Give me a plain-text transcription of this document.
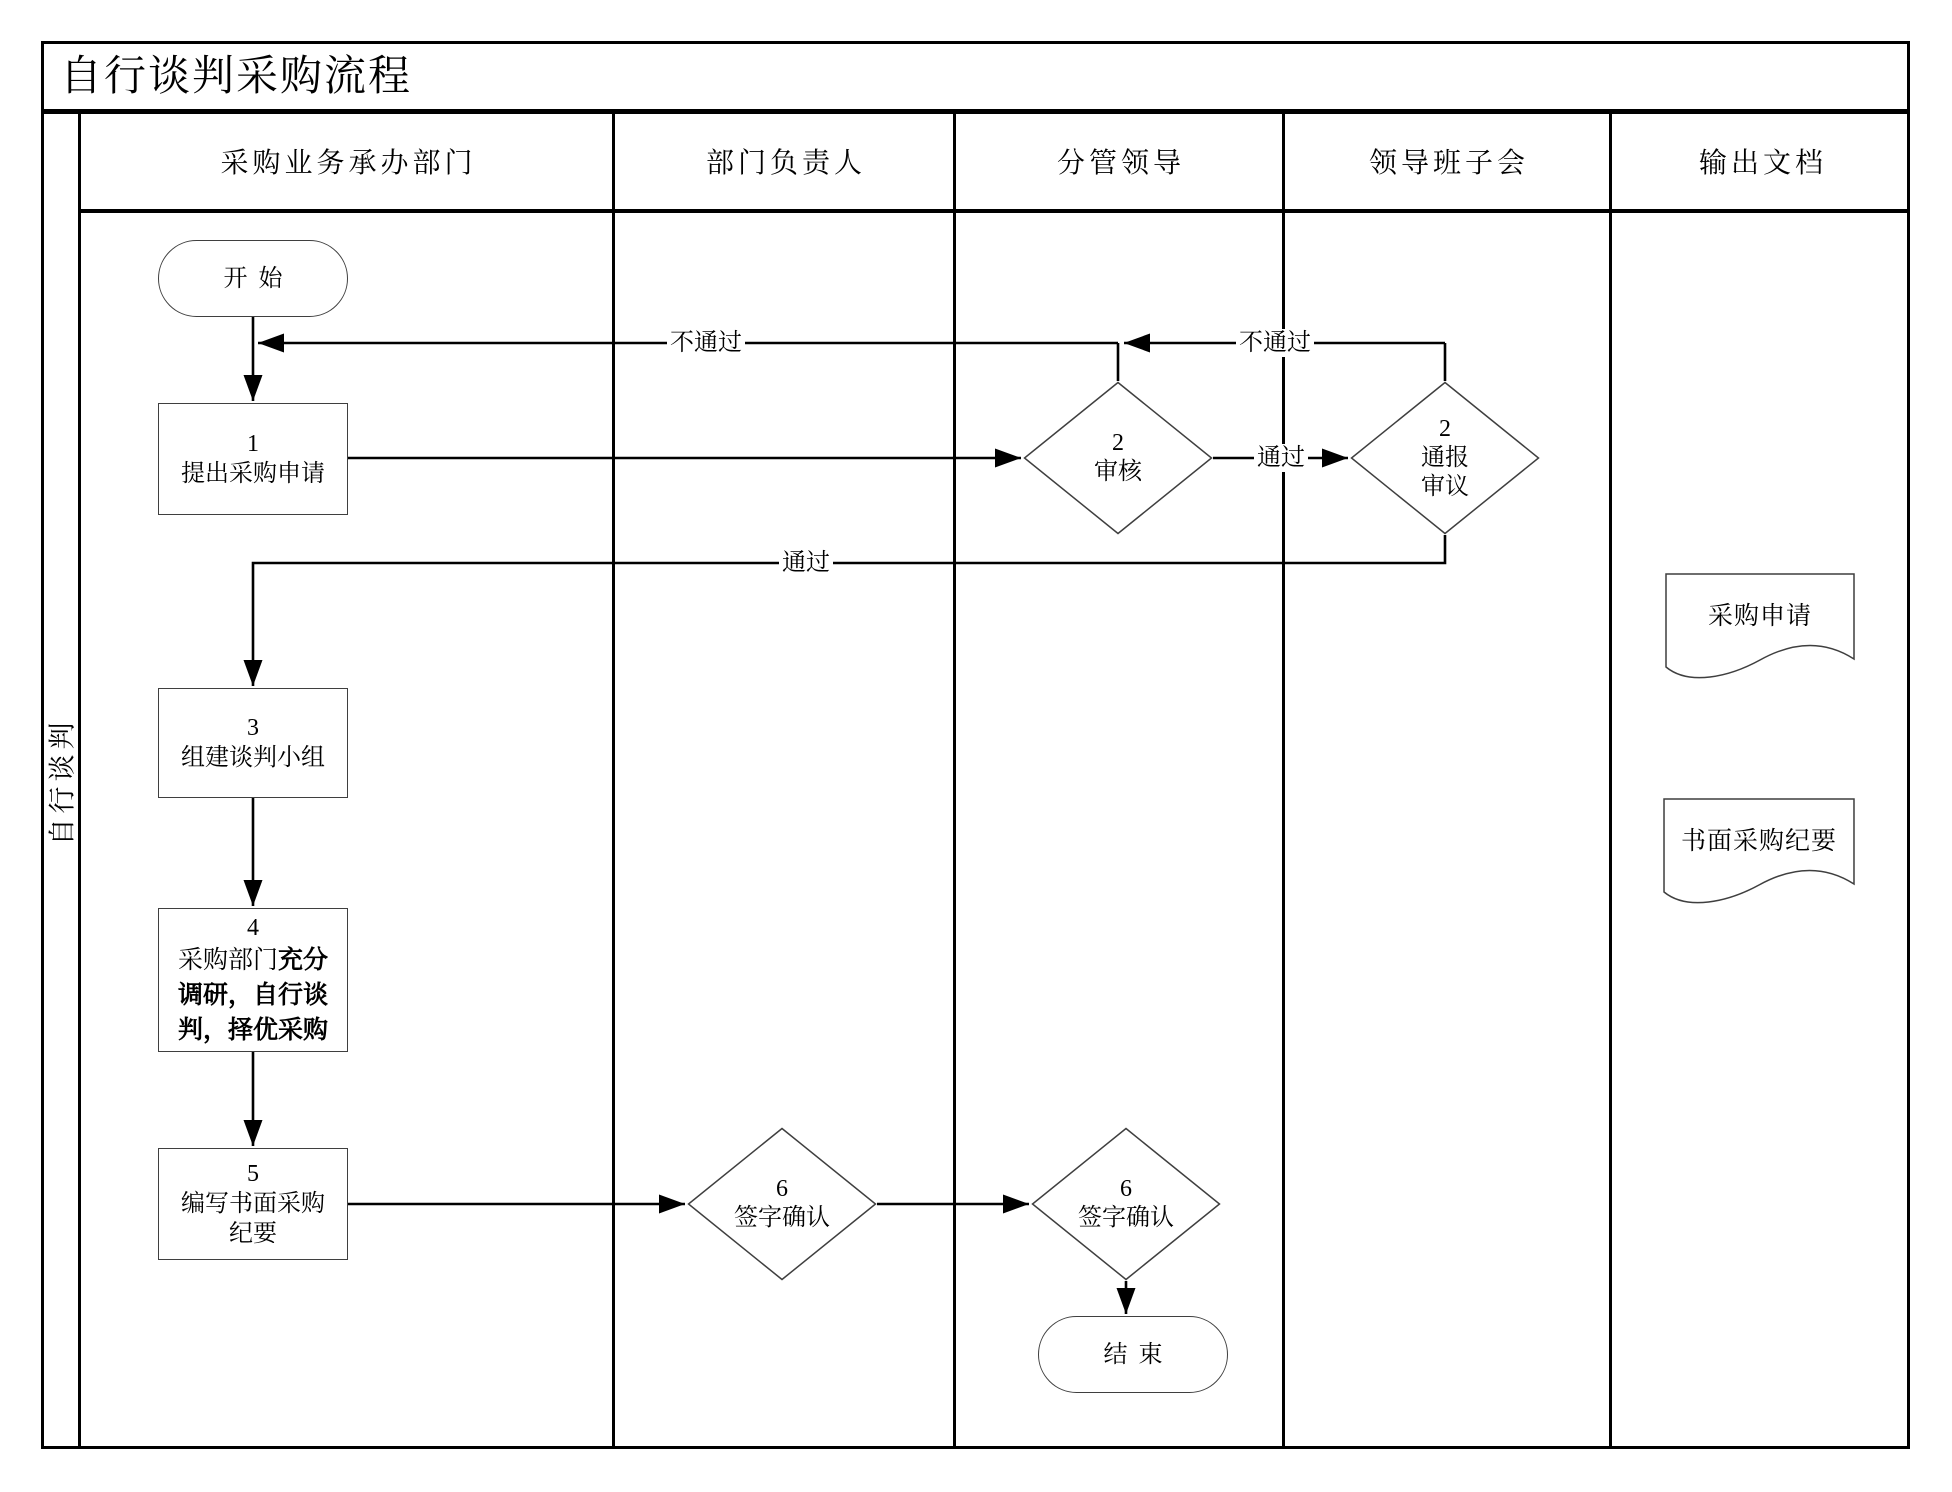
自行谈判采购流程
自行谈判
采购业务承办部门	部门负责人	分管领导	领导班子会	输出文档
不通过	不通过
通过
通过
开始
1
提出采购申请
2
审核
2
通报
审议
3
组建谈判小组
4
采购部门充分调研，自行谈判，择优采购
5
编写书面采购
纪要
6
签字确认
6
签字确认
结束
采购申请
书面采购纪要
